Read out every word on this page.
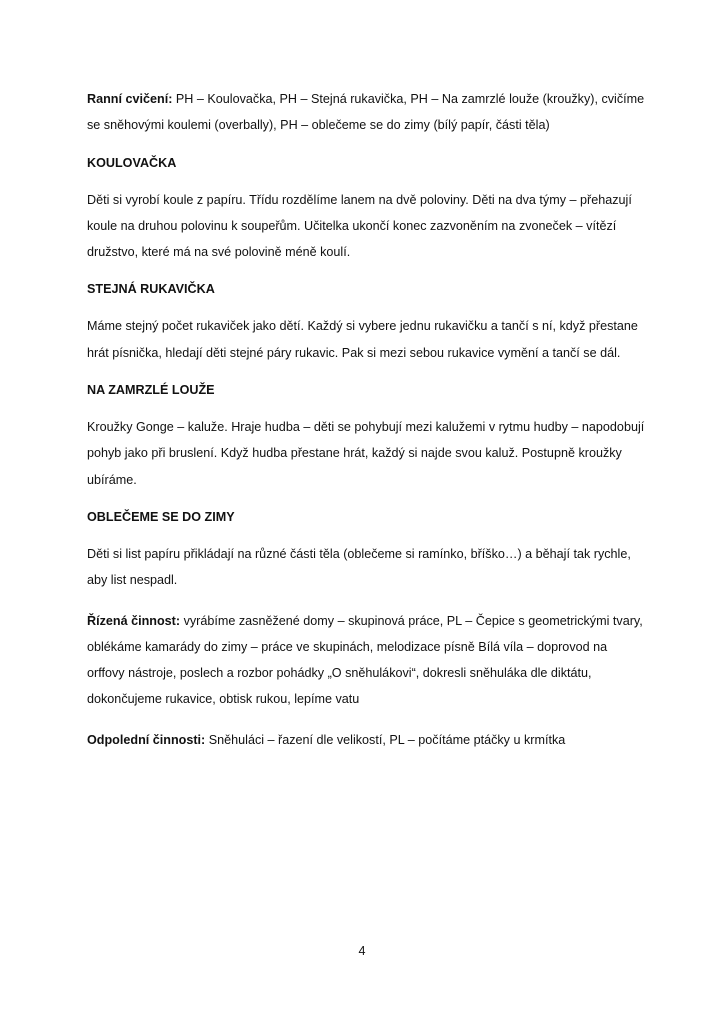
Ranní cvičení: PH – Koulovačka, PH – Stejná rukavička, PH – Na zamrzlé louže (kroužky), cvičíme se sněhovými koulemi (overbally), PH – oblečeme se do zimy (bílý papír, části těla)

KOULOVAČKA

Děti si vyrobí koule z papíru. Třídu rozdělíme lanem na dvě poloviny. Děti na dva týmy – přehazují koule na druhou polovinu k soupeřům. Učitelka ukončí konec zazvoněním na zvoneček – vítězí družstvo, které má na své polovině méně koulí.

STEJNÁ RUKAVIČKA

Máme stejný počet rukaviček jako dětí. Každý si vybere jednu rukavičku a tančí s ní, když přestane hrát písnička, hledají děti stejné páry rukavic. Pak si mezi sebou rukavice vymění a tančí se dál.

NA ZAMRZLÉ LOUŽE

Kroužky Gonge – kaluže. Hraje hudba – děti se pohybují mezi kalužemi v rytmu hudby – napodobují pohyb jako při bruslení. Když hudba přestane hrát, každý si najde svou kaluž. Postupně kroužky ubíráme.

OBLEČEME SE DO ZIMY

Děti si list papíru přikládají na různé části těla (oblečeme si ramínko, bříško…) a běhají tak rychle, aby list nespadl.

Řízená činnost: vyrábíme zasněžené domy – skupinová práce, PL – Čepice s geometrickými tvary, oblékáme kamarády do zimy – práce ve skupinách, melodizace písně Bílá víla – doprovod na orffovy nástroje, poslech a rozbor pohádky „O sněhulákovi“, dokresli sněhuláka dle diktátu, dokončujeme rukavice, obtisk rukou, lepíme vatu

Odpolední činnosti: Sněhuláci – řazení dle velikostí, PL – počítáme ptáčky u krmítka

4
